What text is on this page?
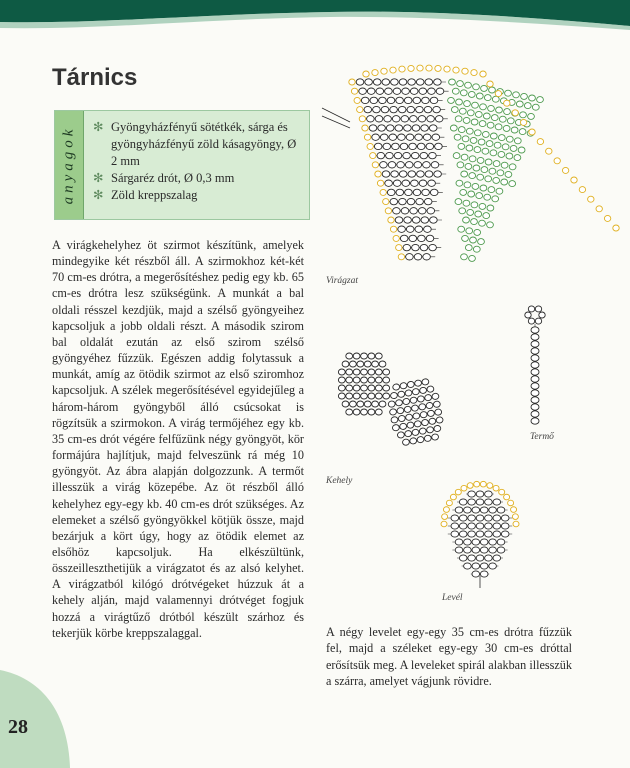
Tárnics
anyagok ✻ Gyöngyházfényű sötétkék, sárga és gyöngyházfényű zöld kásagyöngy, Ø 2 mm
✻ Sárgaréz drót, Ø 0,3 mm
✻ Zöld kreppszalag

A virágkehelyhez öt szirmot készítünk, amelyek mindegyike két részből áll. A szirmokhoz két-két 70 cm-es drótra, a megerősítéshez pedig egy kb. 65 cm-es drótra lesz szükségünk. A munkát a bal oldali résszel kezdjük, majd a szélső gyöngyeihez kapcsoljuk a jobb oldali részt. A második szirom bal oldalát ezután az első szirom szélső gyöngyéhez fűzzük. Egészen addig folytassuk a munkát, amíg az ötödik szirmot az első sziromhoz kapcsoljuk. A szélek megerősítésével egyidejűleg a három-három gyöngyből álló csúcsokat is rögzítsük a szirmokon. A virág termőjéhez egy kb. 35 cm-es drót végére felfűzünk négy gyöngyöt, kör formájúra hajlítjuk, majd felveszünk rá még 10 gyöngyöt. Az ábra alapján dolgozzunk. A termőt illesszük a virág közepébe. Az öt részből álló kehelyhez egy-egy kb. 40 cm-es drót szükséges. Az elemeket a szélső gyöngyökkel kötjük össze, majd bezárjuk a kört úgy, hogy az ötödik elemet az elsőhöz kapcsoljuk. Ha elkészültünk, összeilleszthetijük a virágzatot és az alsó kelyhet. A virágzatból kilógó drótvégeket húzzuk át a kehely alján, majd valamennyi drótvéget fogjuk hozzá a virágtűző drótból készült szárhoz és tekerjük körbe kreppszalaggal.

Virágzat
Termő
Kehely
Levél

A négy levelet egy-egy 35 cm-es drótra fűzzük fel, majd a széleket egy-egy 30 cm-es dróttal erősítsük meg. A leveleket spirál alakban illesszük a szárra, amelyet vágjunk rövidre.

28
